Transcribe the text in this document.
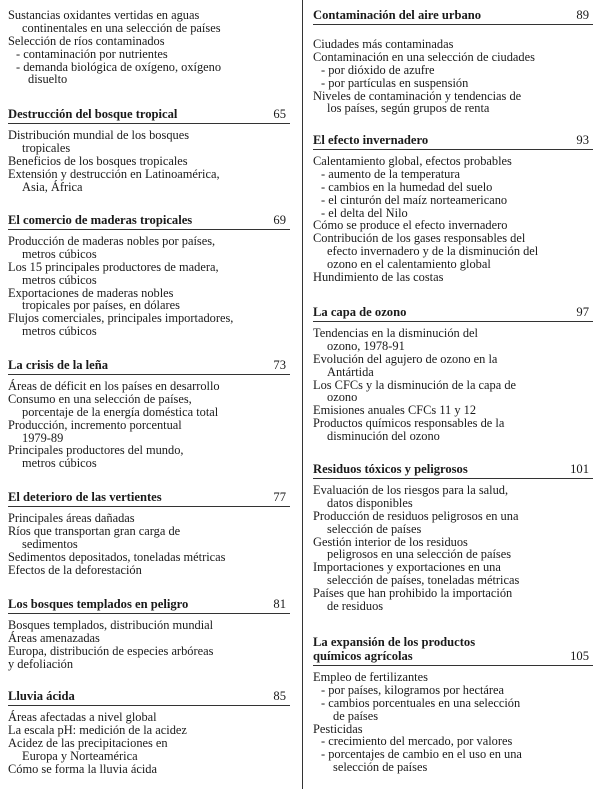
Sustancias oxidantes vertidas en aguas
continentales en una selección de países
Selección de ríos contaminados
- contaminación por nutrientes
- demanda biológica de oxígeno, oxígeno
disuelto
Destrucción del bosque tropical	65
Distribución mundial de los bosques
tropicales
Beneficios de los bosques tropicales
Extensión y destrucción en Latinoamérica,
Asia, África
El comercio de maderas tropicales	69
Producción de maderas nobles por países,
metros cúbicos
Los 15 principales productores de madera,
metros cúbicos
Exportaciones de maderas nobles
tropicales por países, en dólares
Flujos comerciales, principales importadores,
metros cúbicos
La crisis de la leña	73
Áreas de déficit en los países en desarrollo
Consumo en una selección de países,
porcentaje de la energía doméstica total
Producción, incremento porcentual
1979-89
Principales productores del mundo,
metros cúbicos
El deterioro de las vertientes	77
Principales áreas dañadas
Ríos que transportan gran carga de
sedimentos
Sedimentos depositados, toneladas métricas
Efectos de la deforestación
Los bosques templados en peligro	81
Bosques templados, distribución mundial
Áreas amenazadas
Europa, distribución de especies arbóreas
y defoliación
Lluvia ácida	85
Áreas afectadas a nivel global
La escala pH: medición de la acidez
Acidez de las precipitaciones en
Europa y Norteamérica
Cómo se forma la lluvia ácida
Contaminación del aire urbano	89
Ciudades más contaminadas
Contaminación en una selección de ciudades
- por dióxido de azufre
- por partículas en suspensión
Niveles de contaminación y tendencias de
los países, según grupos de renta
El efecto invernadero	93
Calentamiento global, efectos probables
- aumento de la temperatura
- cambios en la humedad del suelo
- el cinturón del maíz norteamericano
- el delta del Nilo
Cómo se produce el efecto invernadero
Contribución de los gases responsables del
efecto invernadero y de la disminución del
ozono en el calentamiento global
Hundimiento de las costas
La capa de ozono	97
Tendencias en la disminución del
ozono, 1978-91
Evolución del agujero de ozono en la
Antártida
Los CFCs y la disminución de la capa de
ozono
Emisiones anuales CFCs 11 y 12
Productos químicos responsables de la
disminución del ozono
Residuos tóxicos y peligrosos	101
Evaluación de los riesgos para la salud,
datos disponibles
Producción de residuos peligrosos en una
selección de países
Gestión interior de los residuos
peligrosos en una selección de países
Importaciones y exportaciones en una
selección de países, toneladas métricas
Países que han prohibido la importación
de residuos
La expansión de los productos
químicos agrícolas	105
Empleo de fertilizantes
- por países, kilogramos por hectárea
- cambios porcentuales en una selección
de países
Pesticidas
- crecimiento del mercado, por valores
- porcentajes de cambio en el uso en una
selección de países
